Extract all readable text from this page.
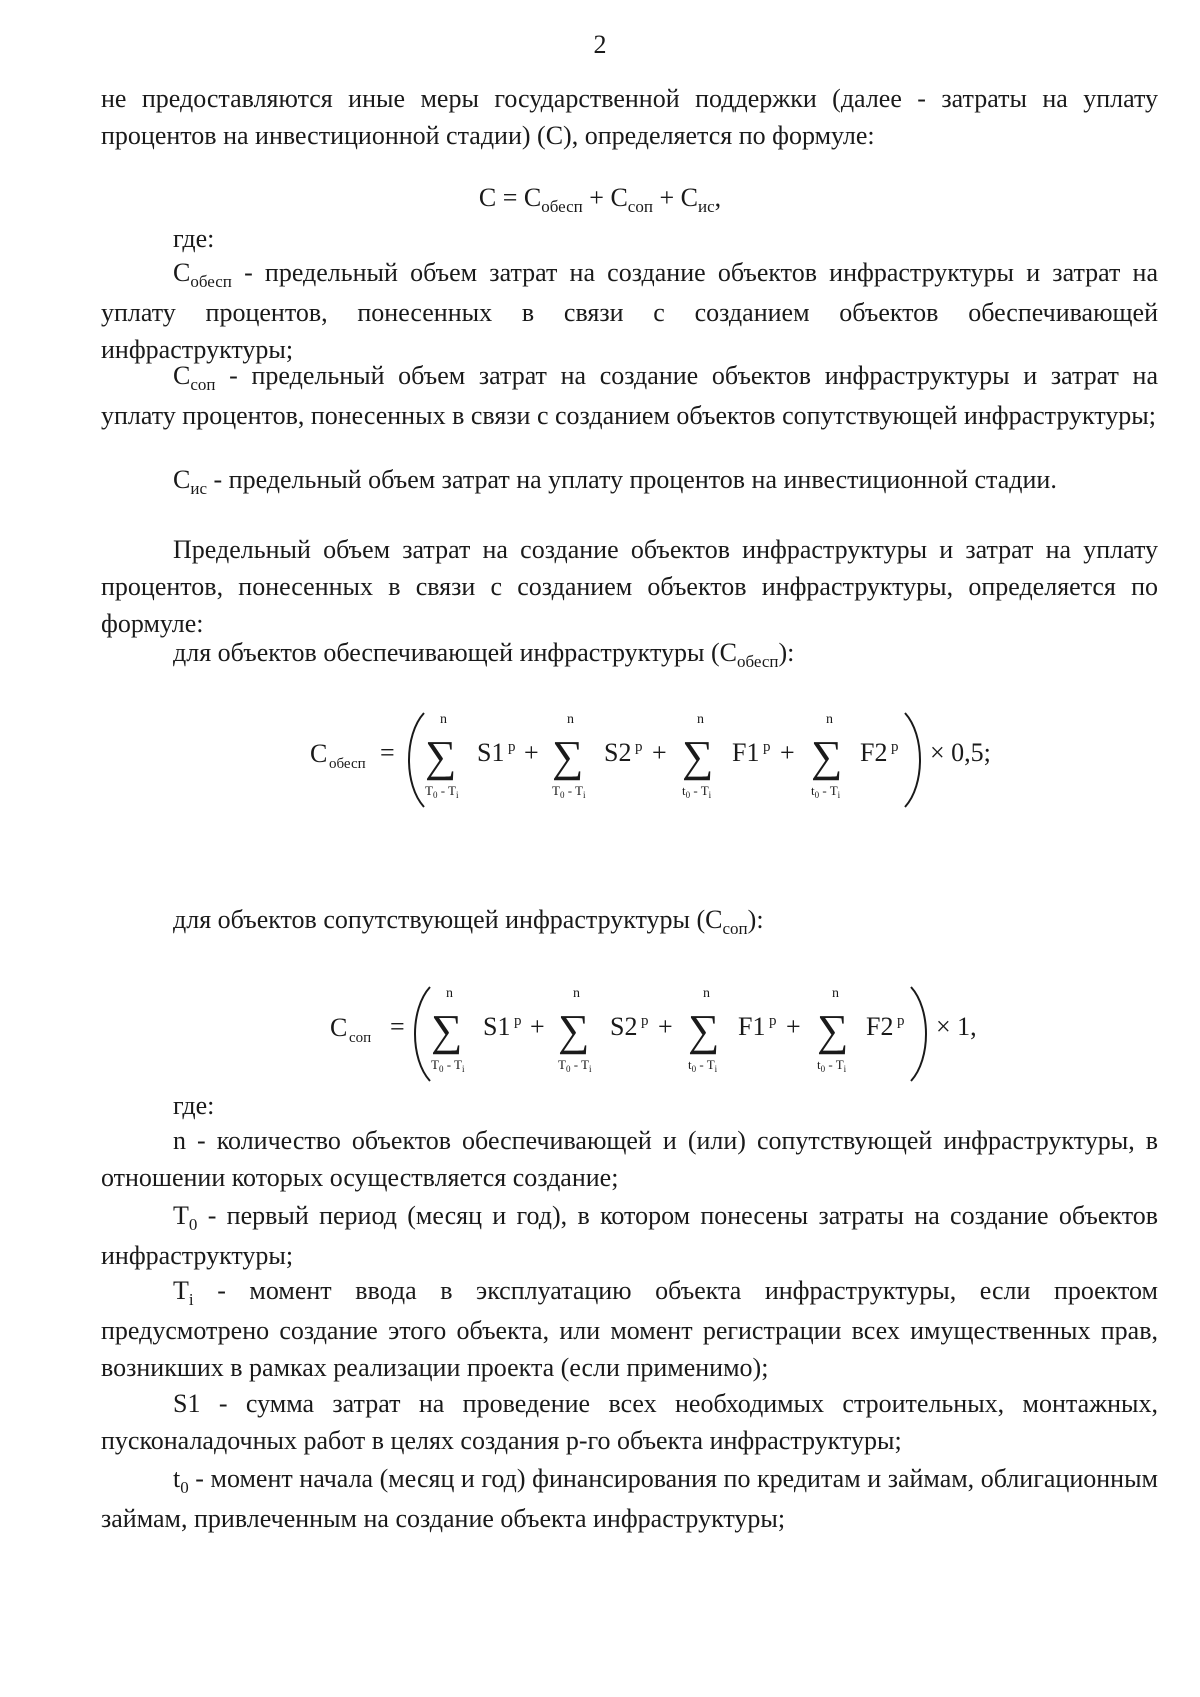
2

не предоставляются иные меры государственной поддержки (далее - затраты на уплату процентов на инвестиционной стадии) (С), определяется по формуле:

$С = С_{обесп} + С_{соп} + С_{ис}$,

где:

$С_{обесп}$ - предельный объем затрат на создание объектов инфраструктуры и затрат на уплату процентов, понесенных в связи с созданием объектов обеспечивающей инфраструктуры;

$С_{соп}$ - предельный объем затрат на создание объектов инфраструктуры и затрат на уплату процентов, понесенных в связи с созданием объектов сопутствующей инфраструктуры;

$С_{ис}$ - предельный объем затрат на уплату процентов на инвестиционной стадии.

Предельный объем затрат на создание объектов инфраструктуры и затрат на уплату процентов, понесенных в связи с созданием объектов инфраструктуры, определяется по формуле:

для объектов обеспечивающей инфраструктуры $(С_{обесп})$:

С обесп =
n
∑
$T_0 - T_i$
S1 p +
n
∑
$T_0 - T_i$
S2 p +
n
∑
$t_0 - T_i$
F1 p +
n
∑
$t_0 - T_i$
F2 p × 0,5;

для объектов сопутствующей инфраструктуры $(С_{соп})$:

С соп =
n
∑
$T_0 - T_i$
S1 p +
n
∑
$T_0 - T_i$
S2 p +
n
∑
$t_0 - T_i$
F1 p +
n
∑
$t_0 - T_i$
F2 p × 1,

где:

n - количество объектов обеспечивающей и (или) сопутствующей инфраструктуры, в отношении которых осуществляется создание;

$T_0$ - первый период (месяц и год), в котором понесены затраты на создание объектов инфраструктуры;

$T_i$ - момент ввода в эксплуатацию объекта инфраструктуры, если проектом предусмотрено создание этого объекта, или момент регистрации всех имущественных прав, возникших в рамках реализации проекта (если применимо);

S1 - сумма затрат на проведение всех необходимых строительных, монтажных, пусконаладочных работ в целях создания p-го объекта инфраструктуры;

$t_0$ - момент начала (месяц и год) финансирования по кредитам и займам, облигационным займам, привлеченным на создание объекта инфраструктуры;
